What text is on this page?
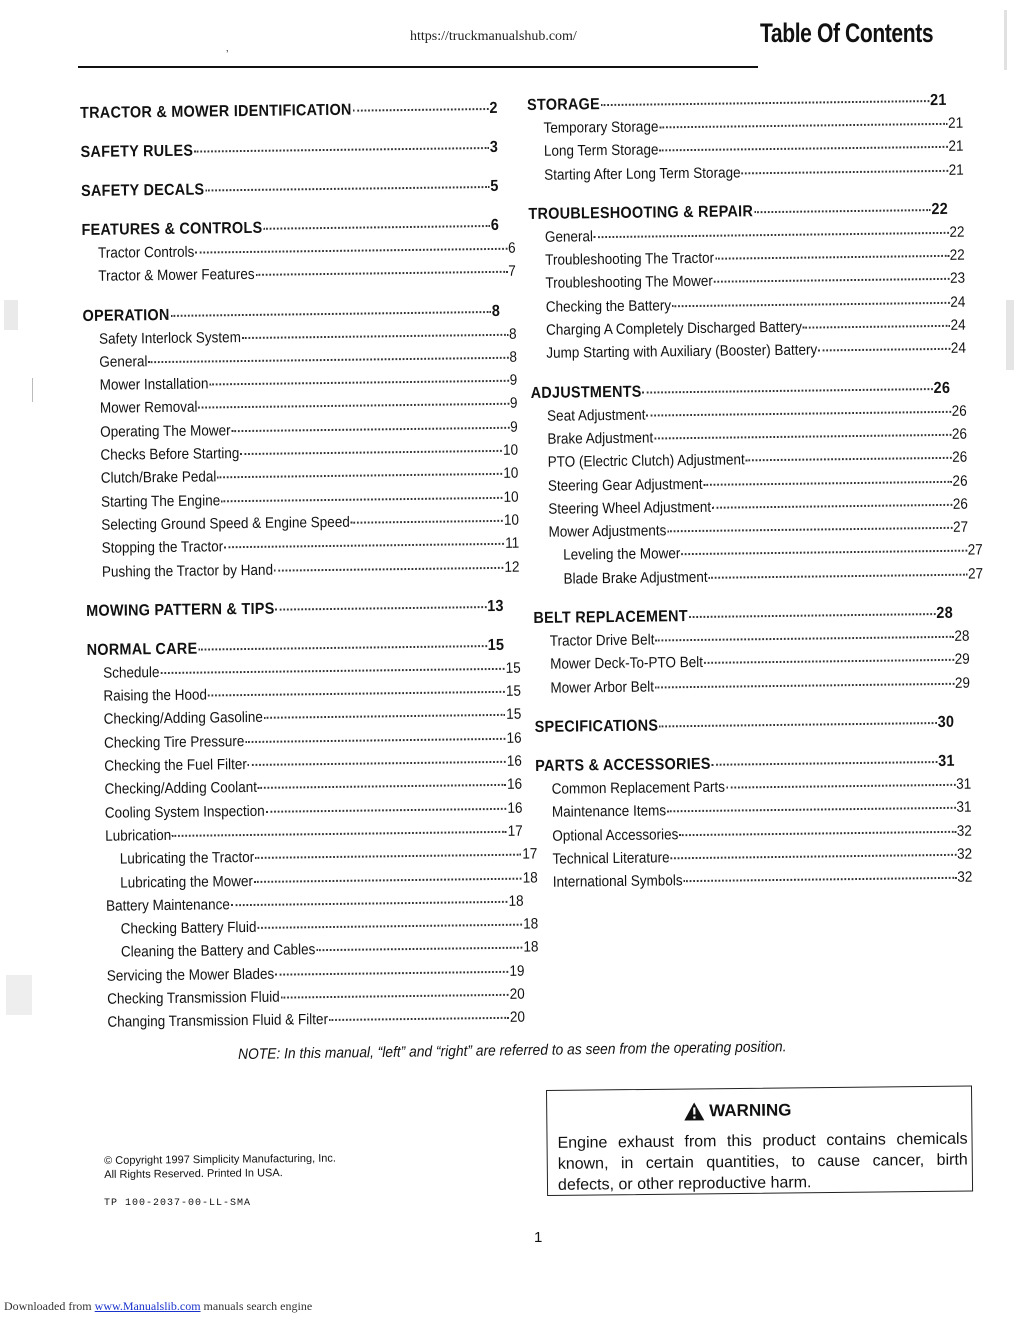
https://truckmanualshub.com/
‚	Table Of Contents
TRACTOR & MOWER IDENTIFICATION	2
SAFETY RULES	3
SAFETY DECALS	5
FEATURES & CONTROLS	6
Tractor Controls	6
Tractor & Mower Features	7
OPERATION	8
Safety Interlock System	8
General	8
Mower Installation	9
Mower Removal	9
Operating The Mower	9
Checks Before Starting	10
Clutch/Brake Pedal	10
Starting The Engine	10
Selecting Ground Speed & Engine Speed	10
Stopping the Tractor	11
Pushing the Tractor by Hand	12
MOWING PATTERN & TIPS	13
NORMAL CARE	15
Schedule	15
Raising the Hood	15
Checking/Adding Gasoline	15
Checking Tire Pressure	16
Checking the Fuel Filter	16
Checking/Adding Coolant	16
Cooling System Inspection	16
Lubrication	17
Lubricating the Tractor	17
Lubricating the Mower	18
Battery Maintenance	18
Checking Battery Fluid	18
Cleaning the Battery and Cables	18
Servicing the Mower Blades	19
Checking Transmission Fluid	20
Changing Transmission Fluid & Filter	20
STORAGE	21
Temporary Storage	21
Long Term Storage	21
Starting After Long Term Storage	21
TROUBLESHOOTING & REPAIR	22
General	22
Troubleshooting The Tractor	22
Troubleshooting The Mower	23
Checking the Battery	24
Charging A Completely Discharged Battery	24
Jump Starting with Auxiliary (Booster) Battery	24
ADJUSTMENTS	26
Seat Adjustment	26
Brake Adjustment	26
PTO (Electric Clutch) Adjustment	26
Steering Gear Adjustment	26
Steering Wheel Adjustment	26
Mower Adjustments	27
Leveling the Mower	27
Blade Brake Adjustment	27
BELT REPLACEMENT	28
Tractor Drive Belt	28
Mower Deck-To-PTO Belt	29
Mower Arbor Belt	29
SPECIFICATIONS	30
PARTS & ACCESSORIES	31
Common Replacement Parts	31
Maintenance Items	31
Optional Accessories	32
Technical Literature	32
International Symbols	32
NOTE: In this manual, “left” and “right” are referred to as seen from the operating position.
© Copyright 1997 Simplicity Manufacturing, Inc.
All Rights Reserved. Printed In USA.
TP 100-2037-00-LL-SMA
WARNING
Engine exhaust from this product contains chemicals known, in certain quantities, to cause cancer, birth defects, or other reproductive harm.
1
Downloaded from www.Manualslib.com manuals search engine
